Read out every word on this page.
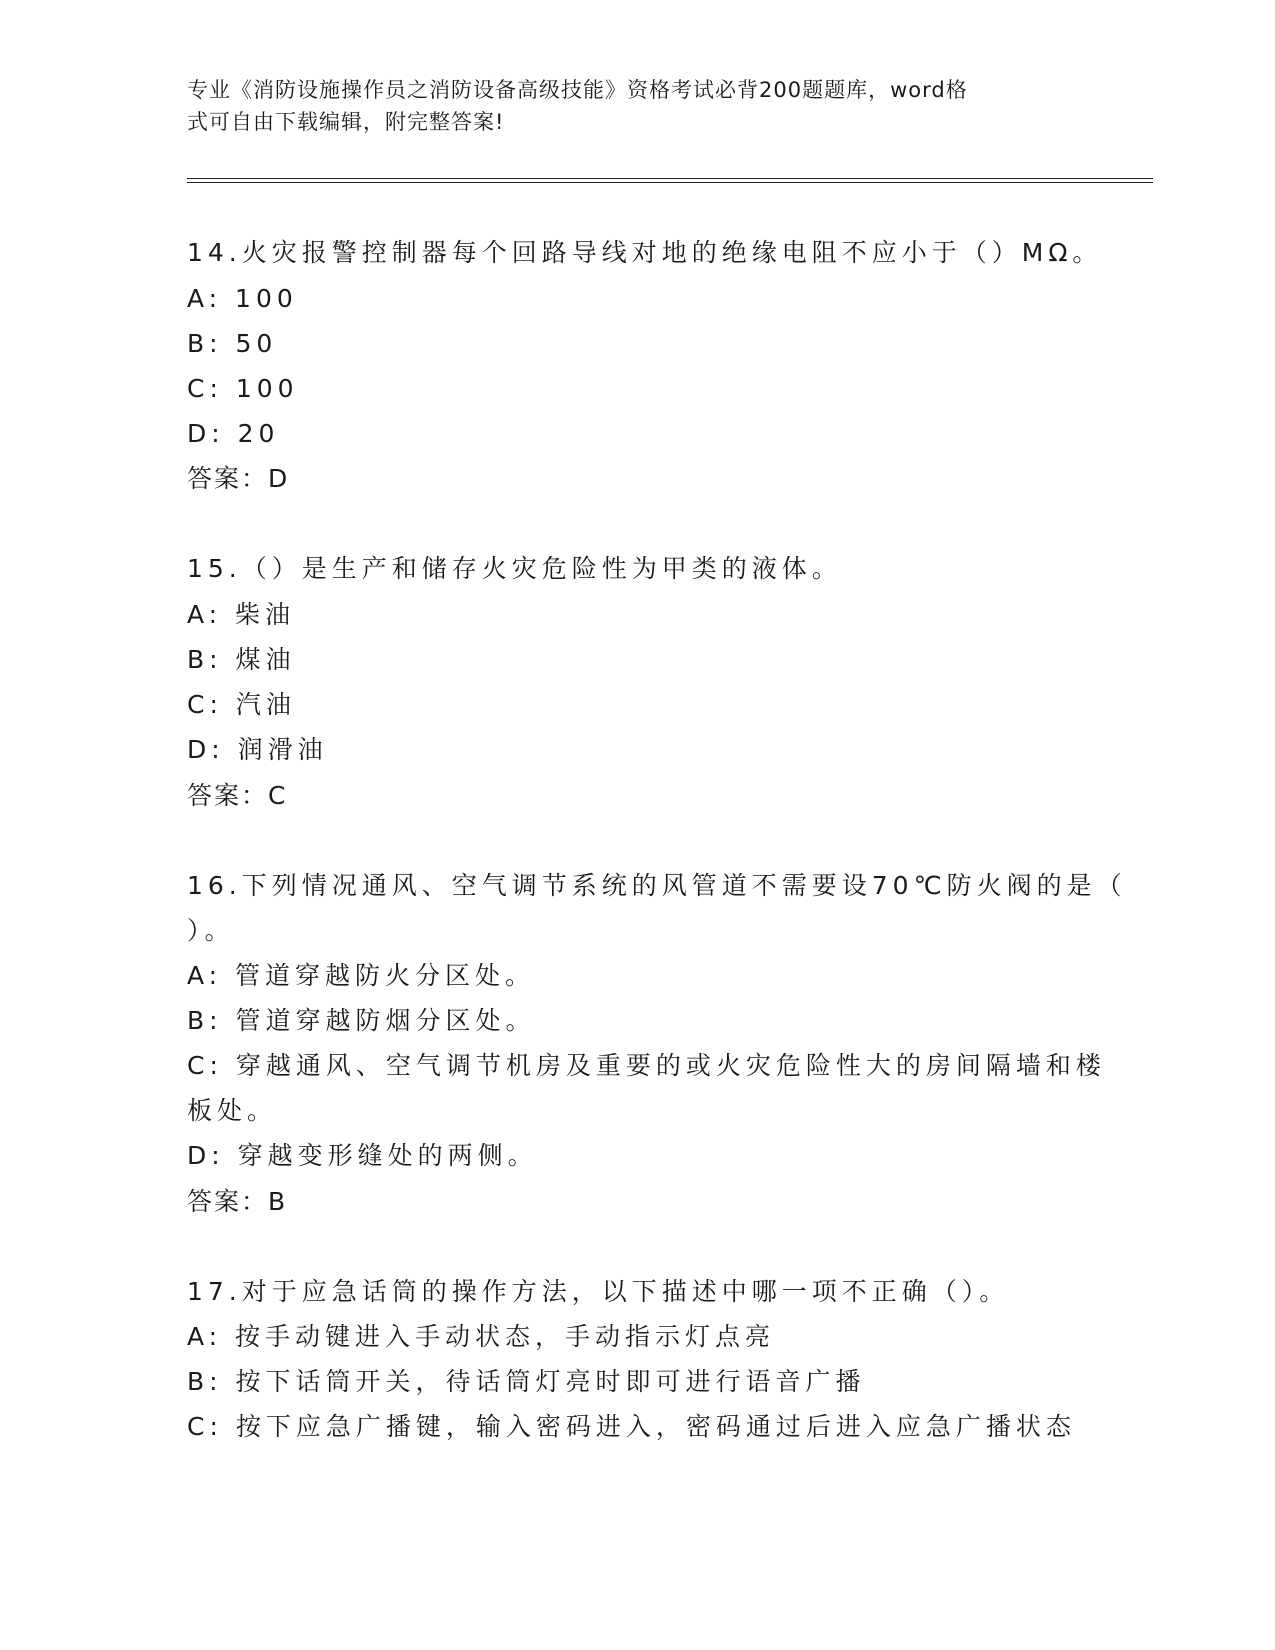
专业《消防设施操作员之消防设备高级技能》资格考试必背200题题库，word格
式可自由下载编辑，附完整答案!
14.火灾报警控制器每个回路导线对地的绝缘电阻不应小于（）MΩ。
A: 100
B: 50
C: 100
D: 20
答案：D
15.（）是生产和储存火灾危险性为甲类的液体。
A: 柴油
B: 煤油
C: 汽油
D: 润滑油
答案：C
16.下列情况通风、空气调节系统的风管道不需要设70℃防火阀的是（
）。
A: 管道穿越防火分区处。
B: 管道穿越防烟分区处。
C: 穿越通风、空气调节机房及重要的或火灾危险性大的房间隔墙和楼
板处。
D: 穿越变形缝处的两侧。
答案：B
17.对于应急话筒的操作方法，以下描述中哪一项不正确（）。
A: 按手动键进入手动状态，手动指示灯点亮
B: 按下话筒开关，待话筒灯亮时即可进行语音广播
C: 按下应急广播键，输入密码进入，密码通过后进入应急广播状态
